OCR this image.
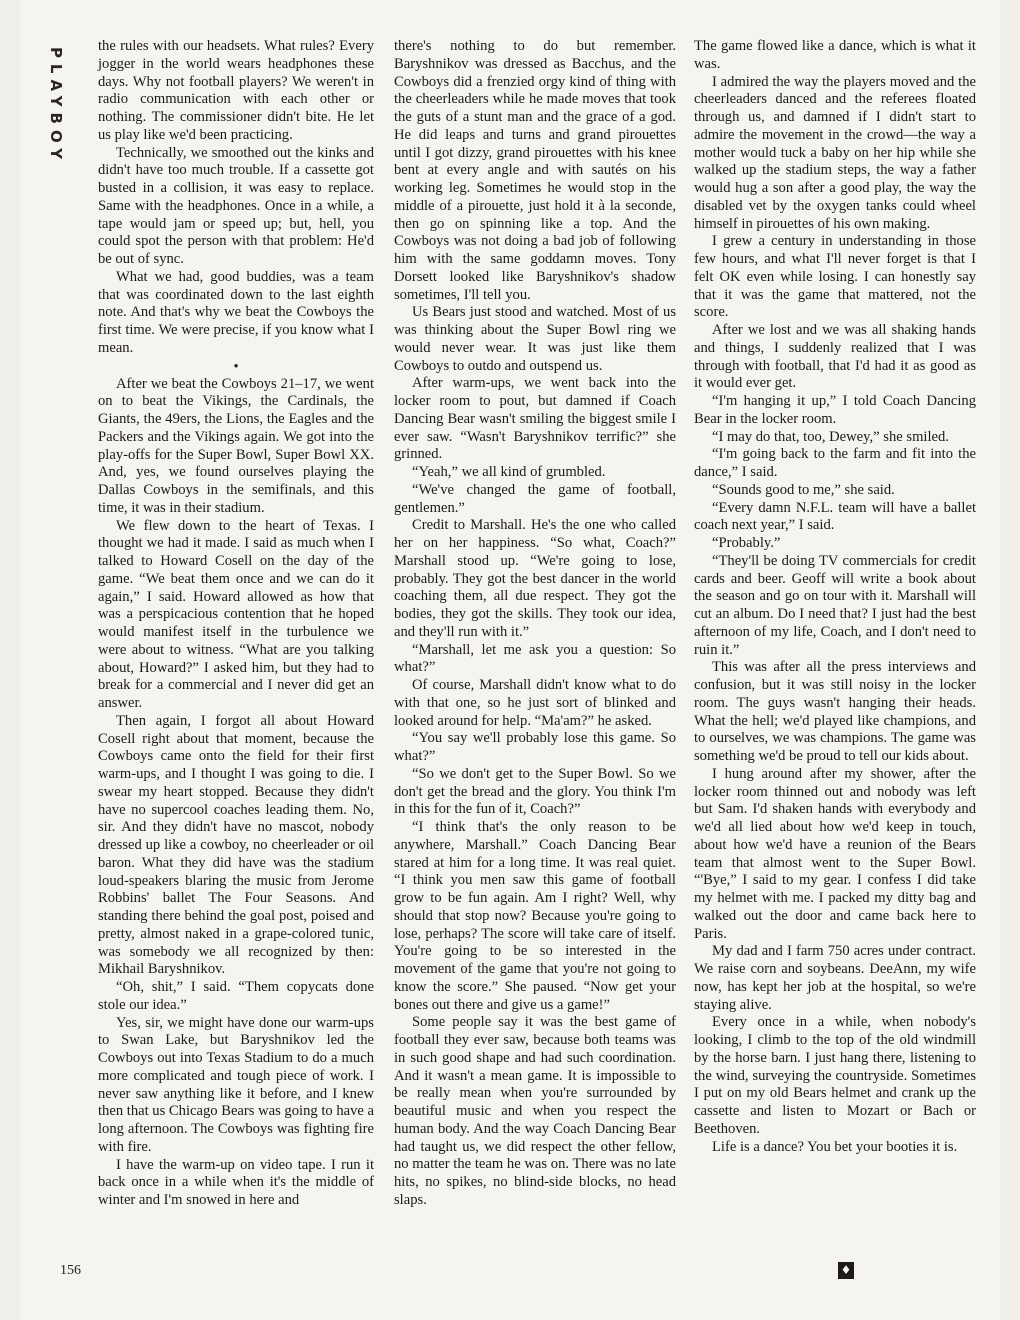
PLAYBOY

the rules with our headsets. What rules? Every jogger in the world wears headphones these days. Why not football players? We weren't in radio communication with each other or nothing. The commissioner didn't bite. He let us play like we'd been practicing.

Technically, we smoothed out the kinks and didn't have too much trouble. If a cassette got busted in a collision, it was easy to replace. Same with the headphones. Once in a while, a tape would jam or speed up; but, hell, you could spot the person with that problem: He'd be out of sync.

What we had, good buddies, was a team that was coordinated down to the last eighth note. And that's why we beat the Cowboys the first time. We were precise, if you know what I mean.

•

After we beat the Cowboys 21–17, we went on to beat the Vikings, the Cardinals, the Giants, the 49ers, the Lions, the Eagles and the Packers and the Vikings again. We got into the play-offs for the Super Bowl, Super Bowl XX. And, yes, we found ourselves playing the Dallas Cowboys in the semifinals, and this time, it was in their stadium.

We flew down to the heart of Texas. I thought we had it made. I said as much when I talked to Howard Cosell on the day of the game. “We beat them once and we can do it again,” I said. Howard allowed as how that was a perspicacious contention that he hoped would manifest itself in the turbulence we were about to witness. “What are you talking about, Howard?” I asked him, but they had to break for a commercial and I never did get an answer.

Then again, I forgot all about Howard Cosell right about that moment, because the Cowboys came onto the field for their first warm-ups, and I thought I was going to die. I swear my heart stopped. Because they didn't have no supercool coaches leading them. No, sir. And they didn't have no mascot, nobody dressed up like a cowboy, no cheerleader or oil baron. What they did have was the stadium loud-speakers blaring the music from Jerome Robbins' ballet The Four Seasons. And standing there behind the goal post, poised and pretty, almost naked in a grape-colored tunic, was somebody we all recognized by then: Mikhail Baryshnikov.

“Oh, shit,” I said. “Them copycats done stole our idea.”

Yes, sir, we might have done our warm-ups to Swan Lake, but Baryshnikov led the Cowboys out into Texas Stadium to do a much more complicated and tough piece of work. I never saw anything like it before, and I knew then that us Chicago Bears was going to have a long afternoon. The Cowboys was fighting fire with fire.

I have the warm-up on video tape. I run it back once in a while when it's the middle of winter and I'm snowed in here and

there's nothing to do but remember. Baryshnikov was dressed as Bacchus, and the Cowboys did a frenzied orgy kind of thing with the cheerleaders while he made moves that took the guts of a stunt man and the grace of a god. He did leaps and turns and grand pirouettes until I got dizzy, grand pirouettes with his knee bent at every angle and with sautés on his working leg. Sometimes he would stop in the middle of a pirouette, just hold it à la seconde, then go on spinning like a top. And the Cowboys was not doing a bad job of following him with the same goddamn moves. Tony Dorsett looked like Baryshnikov's shadow sometimes, I'll tell you.

Us Bears just stood and watched. Most of us was thinking about the Super Bowl ring we would never wear. It was just like them Cowboys to outdo and outspend us.

After warm-ups, we went back into the locker room to pout, but damned if Coach Dancing Bear wasn't smiling the biggest smile I ever saw. “Wasn't Baryshnikov terrific?” she grinned.

“Yeah,” we all kind of grumbled.

“We've changed the game of football, gentlemen.”

Credit to Marshall. He's the one who called her on her happiness. “So what, Coach?” Marshall stood up. “We're going to lose, probably. They got the best dancer in the world coaching them, all due respect. They got the bodies, they got the skills. They took our idea, and they'll run with it.”

“Marshall, let me ask you a question: So what?”

Of course, Marshall didn't know what to do with that one, so he just sort of blinked and looked around for help. “Ma'am?” he asked.

“You say we'll probably lose this game. So what?”

“So we don't get to the Super Bowl. So we don't get the bread and the glory. You think I'm in this for the fun of it, Coach?”

“I think that's the only reason to be anywhere, Marshall.” Coach Dancing Bear stared at him for a long time. It was real quiet. “I think you men saw this game of football grow to be fun again. Am I right? Well, why should that stop now? Because you're going to lose, perhaps? The score will take care of itself. You're going to be so interested in the movement of the game that you're not going to know the score.” She paused. “Now get your bones out there and give us a game!”

Some people say it was the best game of football they ever saw, because both teams was in such good shape and had such coordination. And it wasn't a mean game. It is impossible to be really mean when you're surrounded by beautiful music and when you respect the human body. And the way Coach Dancing Bear had taught us, we did respect the other fellow, no matter the team he was on. There was no late hits, no spikes, no blind-side blocks, no head slaps.

The game flowed like a dance, which is what it was.

I admired the way the players moved and the cheerleaders danced and the referees floated through us, and damned if I didn't start to admire the movement in the crowd—the way a mother would tuck a baby on her hip while she walked up the stadium steps, the way a father would hug a son after a good play, the way the disabled vet by the oxygen tanks could wheel himself in pirouettes of his own making.

I grew a century in understanding in those few hours, and what I'll never forget is that I felt OK even while losing. I can honestly say that it was the game that mattered, not the score.

After we lost and we was all shaking hands and things, I suddenly realized that I was through with football, that I'd had it as good as it would ever get.

“I'm hanging it up,” I told Coach Dancing Bear in the locker room.

“I may do that, too, Dewey,” she smiled.

“I'm going back to the farm and fit into the dance,” I said.

“Sounds good to me,” she said.

“Every damn N.F.L. team will have a ballet coach next year,” I said.

“Probably.”

“They'll be doing TV commercials for credit cards and beer. Geoff will write a book about the season and go on tour with it. Marshall will cut an album. Do I need that? I just had the best afternoon of my life, Coach, and I don't need to ruin it.”

This was after all the press interviews and confusion, but it was still noisy in the locker room. The guys wasn't hanging their heads. What the hell; we'd played like champions, and to ourselves, we was champions. The game was something we'd be proud to tell our kids about.

I hung around after my shower, after the locker room thinned out and nobody was left but Sam. I'd shaken hands with everybody and we'd all lied about how we'd keep in touch, about how we'd have a reunion of the Bears team that almost went to the Super Bowl. “'Bye,” I said to my gear. I confess I did take my helmet with me. I packed my ditty bag and walked out the door and came back here to Paris.

My dad and I farm 750 acres under contract. We raise corn and soybeans. DeeAnn, my wife now, has kept her job at the hospital, so we're staying alive.

Every once in a while, when nobody's looking, I climb to the top of the old windmill by the horse barn. I just hang there, listening to the wind, surveying the countryside. Sometimes I put on my old Bears helmet and crank up the cassette and listen to Mozart or Bach or Beethoven.

Life is a dance? You bet your booties it is.

156	♦
